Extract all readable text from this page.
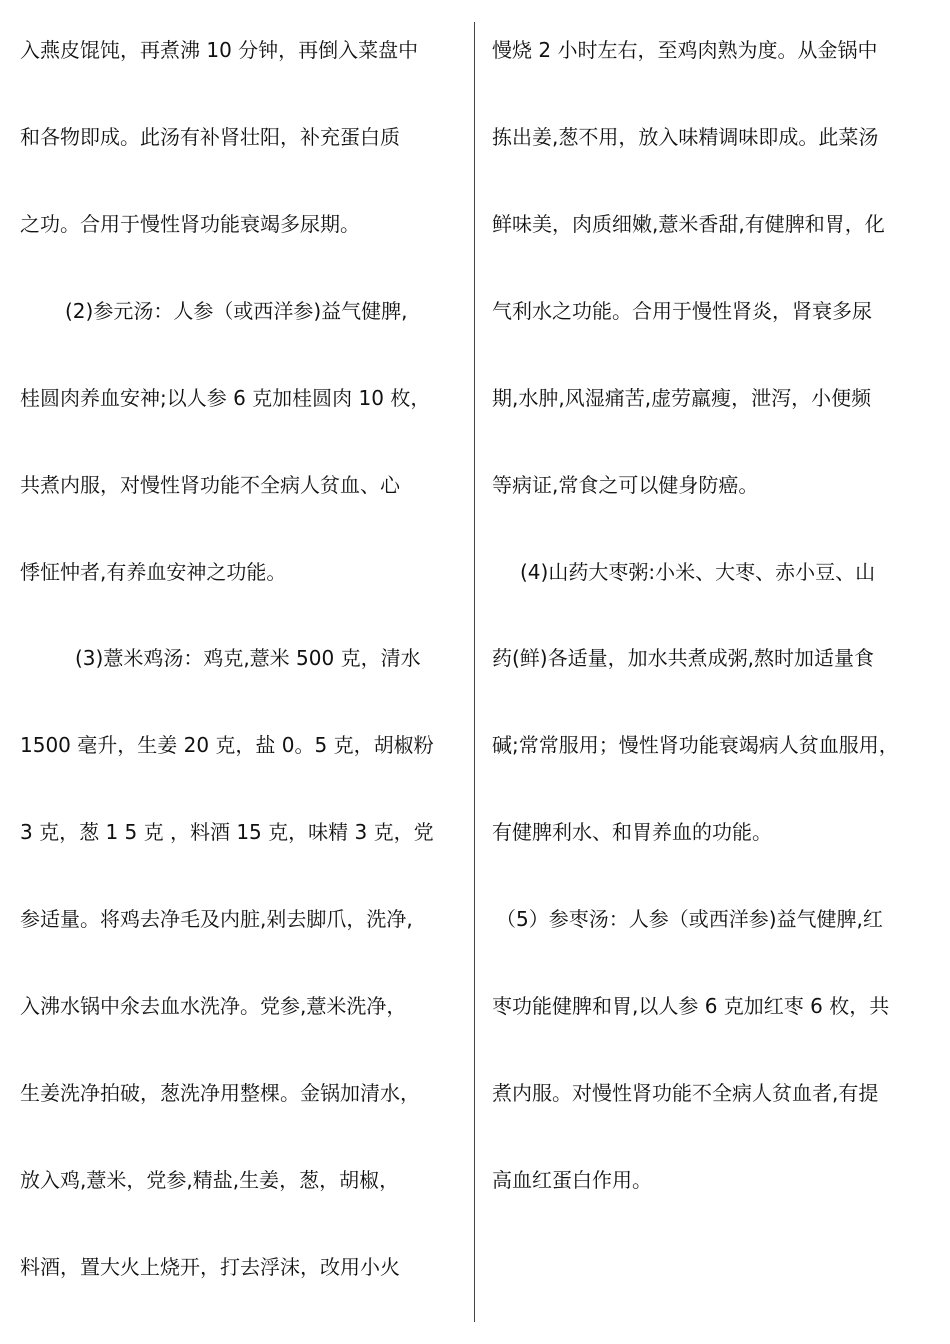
入燕皮馄饨，再煮沸 10 分钟，再倒入菜盘中
和各物即成。此汤有补肾壮阳，补充蛋白质
之功。合用于慢性肾功能衰竭多尿期。
(2)参元汤：人参（或西洋参)益气健脾,
桂圆肉养血安神;以人参 6 克加桂圆肉 10 枚，
共煮内服，对慢性肾功能不全病人贫血、心
悸怔忡者,有养血安神之功能。
(3)薏米鸡汤：鸡克,薏米 500 克，清水
1500 毫升，生姜 20 克，盐 0。5 克，胡椒粉
3 克，葱 1 5 克 ，料酒 15 克，味精 3 克，党
参适量。将鸡去净毛及内脏,剁去脚爪，洗净,
入沸水锅中氽去血水洗净。党参,薏米洗净，
生姜洗净拍破，葱洗净用整棵。金锅加清水，
放入鸡,薏米，党参,精盐,生姜，葱，胡椒，
料酒，置大火上烧开，打去浮沫，改用小火
慢烧 2 小时左右，至鸡肉熟为度。从金锅中
拣出姜,葱不用，放入味精调味即成。此菜汤
鲜味美，肉质细嫩,薏米香甜,有健脾和胃，化
气利水之功能。合用于慢性肾炎，肾衰多尿
期,水肿,风湿痛苦,虚劳羸瘦，泄泻，小便频
等病证,常食之可以健身防癌。
(4)山药大枣粥:小米、大枣、赤小豆、山
药(鲜)各适量，加水共煮成粥,熬时加适量食
碱;常常服用；慢性肾功能衰竭病人贫血服用，
有健脾利水、和胃养血的功能。
（5）参枣汤：人参（或西洋参)益气健脾,红
枣功能健脾和胃,以人参 6 克加红枣 6 枚，共
煮内服。对慢性肾功能不全病人贫血者,有提
高血红蛋白作用。
